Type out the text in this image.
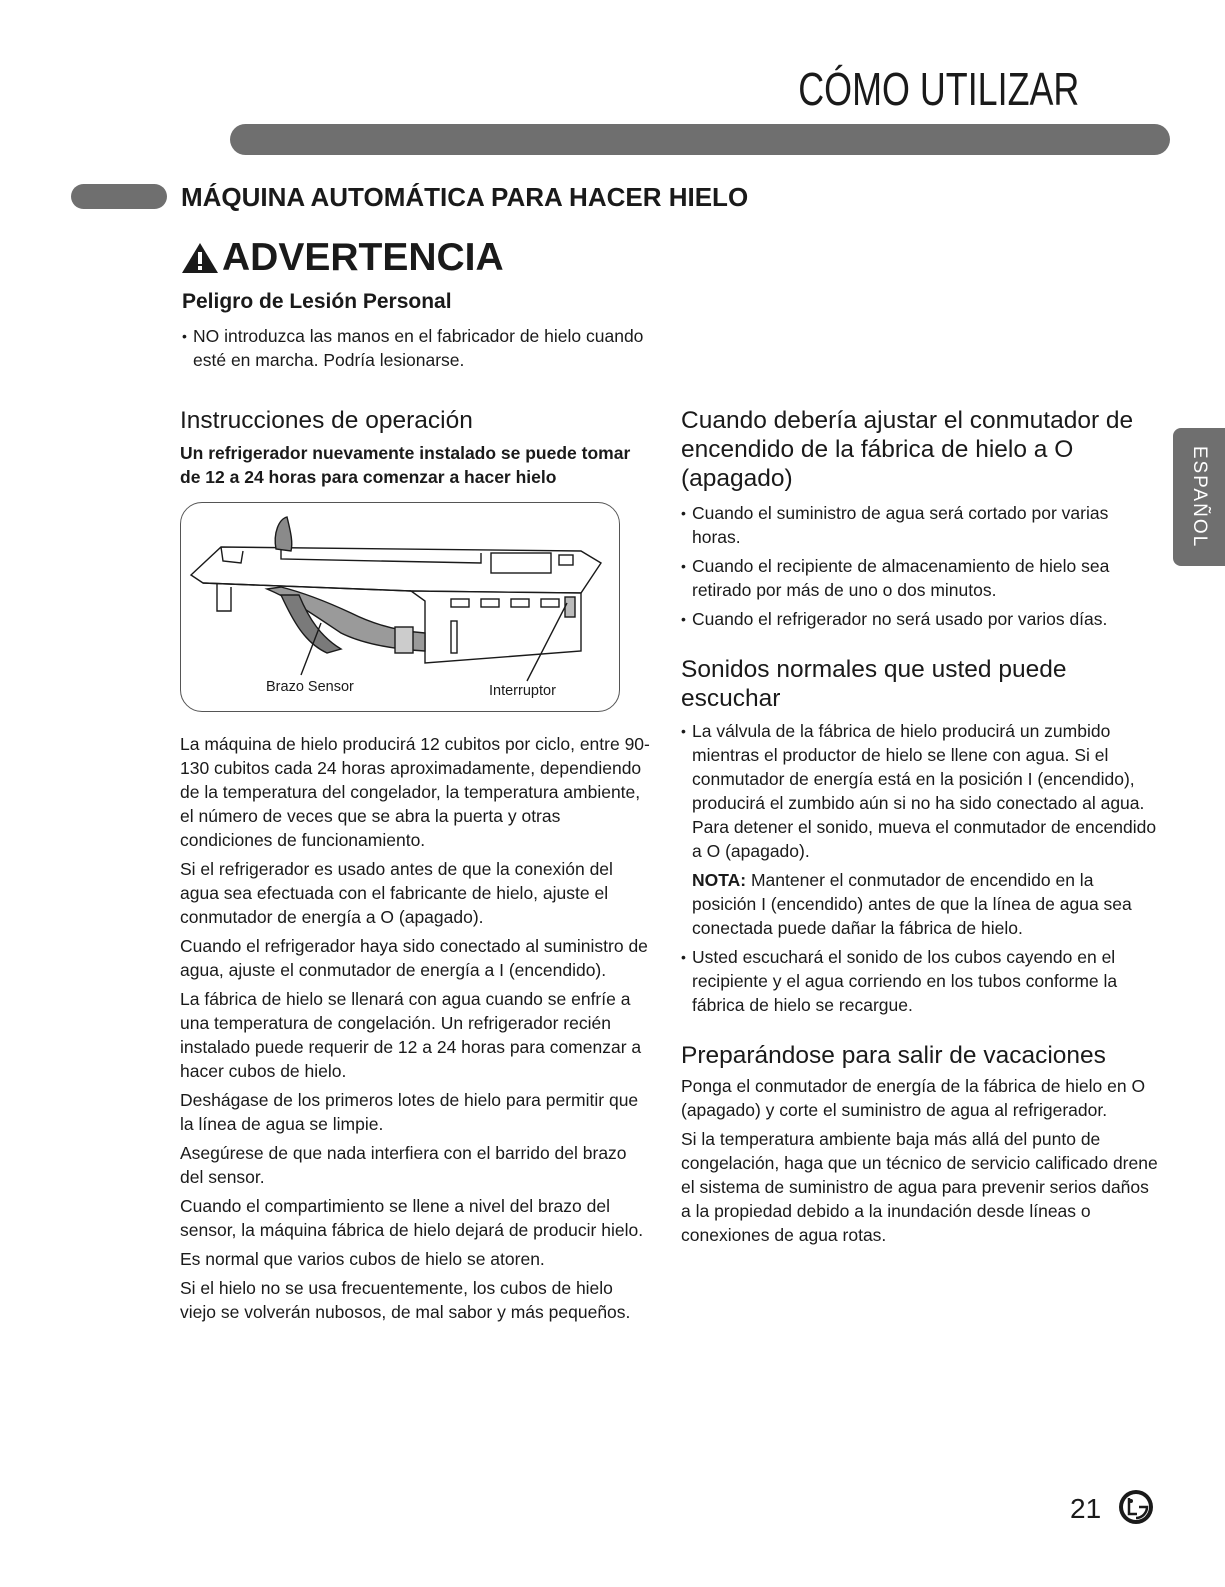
CÓMO UTILIZAR
MÁQUINA AUTOMÁTICA PARA HACER HIELO
ADVERTENCIA
Peligro de Lesión Personal
• NO introduzca las manos en el fabricador de hielo cuando esté en marcha. Podría lesionarse.
Instrucciones de operación

Un refrigerador nuevamente instalado se puede tomar de 12 a 24 horas para comenzar a hacer hielo

Brazo Sensor	Interruptor

La máquina de hielo producirá 12 cubitos por ciclo, entre 90-130 cubitos cada 24 horas aproximadamente, dependiendo de la temperatura del congelador, la temperatura ambiente, el número de veces que se abra la puerta y otras condiciones de funcionamiento.

Si el refrigerador es usado antes de que la conexión del agua sea efectuada con el fabricante de hielo, ajuste el conmutador de energía a O (apagado).

Cuando el refrigerador haya sido conectado al suministro de agua, ajuste el conmutador de energía a I (encendido).

La fábrica de hielo se llenará con agua cuando se enfríe a una temperatura de congelación. Un refrigerador recién instalado puede requerir de 12 a 24 horas para comenzar a hacer cubos de hielo.

Deshágase de los primeros lotes de hielo para permitir que la línea de agua se limpie.

Asegúrese de que nada interfiera con el barrido del brazo del sensor.

Cuando el compartimiento se llene a nivel del brazo del sensor, la máquina fábrica de hielo dejará de producir hielo.

Es normal que varios cubos de hielo se atoren.

Si el hielo no se usa frecuentemente, los cubos de hielo viejo se volverán nubosos, de mal sabor y más pequeños.

Cuando debería ajustar el conmutador de encendido de la fábrica de hielo a O (apagado)

• Cuando el suministro de agua será cortado por varias horas.

• Cuando el recipiente de almacenamiento de hielo sea retirado por más de uno o dos minutos.

• Cuando el refrigerador no será usado por varios días.

Sonidos normales que usted puede escuchar

• La válvula de la fábrica de hielo producirá un zumbido mientras el productor de hielo se llene con agua. Si el conmutador de energía está en la posición I (encendido), producirá el zumbido aún si no ha sido conectado al agua. Para detener el sonido, mueva el conmutador de encendido a O (apagado).

NOTA: Mantener el conmutador de encendido en la posición I (encendido) antes de que la línea de agua sea conectada puede dañar la fábrica de hielo.

• Usted escuchará el sonido de los cubos cayendo en el recipiente y el agua corriendo en los tubos conforme la fábrica de hielo se recargue.

Preparándose para salir de vacaciones

Ponga el conmutador de energía de la fábrica de hielo en O (apagado) y corte el suministro de agua al refrigerador.

Si la temperatura ambiente baja más allá del punto de congelación, haga que un técnico de servicio calificado drene el sistema de suministro de agua para prevenir serios daños a la propiedad debido a la inundación desde líneas o conexiones de agua rotas.

ESPAÑOL
21
